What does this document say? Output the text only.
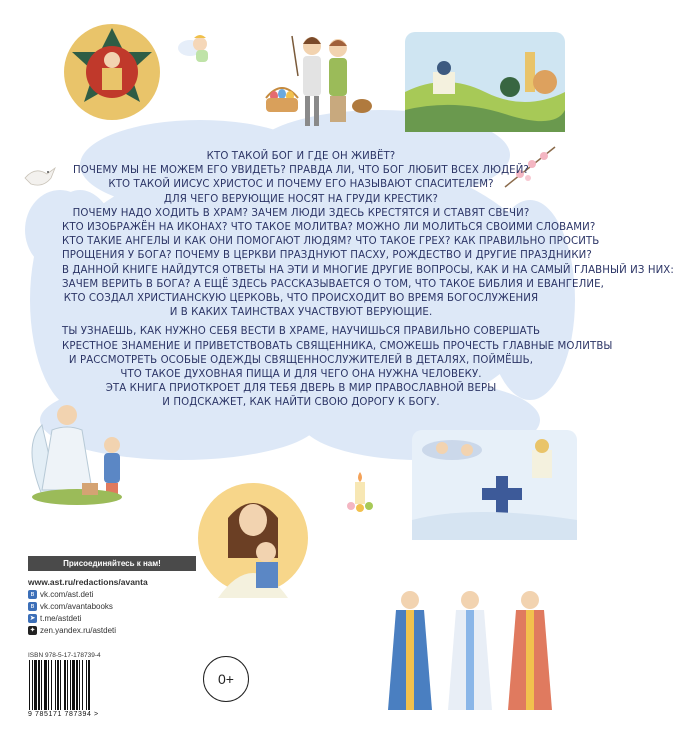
КТО ТАКОЙ БОГ И ГДЕ ОН ЖИВЁТ?
ПОЧЕМУ МЫ НЕ МОЖЕМ ЕГО УВИДЕТЬ? ПРАВДА ЛИ, ЧТО БОГ ЛЮБИТ ВСЕХ ЛЮДЕЙ?
КТО ТАКОЙ ИИСУС ХРИСТОС И ПОЧЕМУ ЕГО НАЗЫВАЮТ СПАСИТЕЛЕМ?
ДЛЯ ЧЕГО ВЕРУЮЩИЕ НОСЯТ НА ГРУДИ КРЕСТИК?
ПОЧЕМУ НАДО ХОДИТЬ В ХРАМ? ЗАЧЕМ ЛЮДИ ЗДЕСЬ КРЕСТЯТСЯ И СТАВЯТ СВЕЧИ?
КТО ИЗОБРАЖЁН НА ИКОНАХ? ЧТО ТАКОЕ МОЛИТВА? МОЖНО ЛИ МОЛИТЬСЯ СВОИМИ СЛОВАМИ?
КТО ТАКИЕ АНГЕЛЫ И КАК ОНИ ПОМОГАЮТ ЛЮДЯМ? ЧТО ТАКОЕ ГРЕХ? КАК ПРАВИЛЬНО ПРОСИТЬ
ПРОЩЕНИЯ У БОГА? ПОЧЕМУ В ЦЕРКВИ ПРАЗДНУЮТ ПАСХУ, РОЖДЕСТВО И ДРУГИЕ ПРАЗДНИКИ?
В ДАННОЙ КНИГЕ НАЙДУТСЯ ОТВЕТЫ НА ЭТИ И МНОГИЕ ДРУГИЕ ВОПРОСЫ, КАК И НА САМЫЙ ГЛАВНЫЙ ИЗ НИХ:
ЗАЧЕМ ВЕРИТЬ В БОГА? А ЕЩЁ ЗДЕСЬ РАССКАЗЫВАЕТСЯ О ТОМ, ЧТО ТАКОЕ БИБЛИЯ И ЕВАНГЕЛИЕ,
КТО СОЗДАЛ ХРИСТИАНСКУЮ ЦЕРКОВЬ, ЧТО ПРОИСХОДИТ ВО ВРЕМЯ БОГОСЛУЖЕНИЯ
И В КАКИХ ТАИНСТВАХ УЧАСТВУЮТ ВЕРУЮЩИЕ.
ТЫ УЗНАЕШЬ, КАК НУЖНО СЕБЯ ВЕСТИ В ХРАМЕ, НАУЧИШЬСЯ ПРАВИЛЬНО СОВЕРШАТЬ
КРЕСТНОЕ ЗНАМЕНИЕ И ПРИВЕТСТВОВАТЬ СВЯЩЕННИКА, СМОЖЕШЬ ПРОЧЕСТЬ ГЛАВНЫЕ МОЛИТВЫ
И РАССМОТРЕТЬ ОСОБЫЕ ОДЕЖДЫ СВЯЩЕННОСЛУЖИТЕЛЕЙ В ДЕТАЛЯХ, ПОЙМЁШЬ,
ЧТО ТАКОЕ ДУХОВНАЯ ПИЩА И ДЛЯ ЧЕГО ОНА НУЖНА ЧЕЛОВЕКУ.
ЭТА КНИГА ПРИОТКРОЕТ ДЛЯ ТЕБЯ ДВЕРЬ В МИР ПРАВОСЛАВНОЙ ВЕРЫ
И ПОДСКАЖЕТ, КАК НАЙТИ СВОЮ ДОРОГУ К БОГУ.
Присоединяйтесь к нам!
www.ast.ru/redactions/avanta
в vk.com/ast.deti
в vk.com/avantabooks
➤ t.me/astdeti
✦ zen.yandex.ru/astdeti
ISBN 978-5-17-178739-4
9 785171 787394 >
0+
